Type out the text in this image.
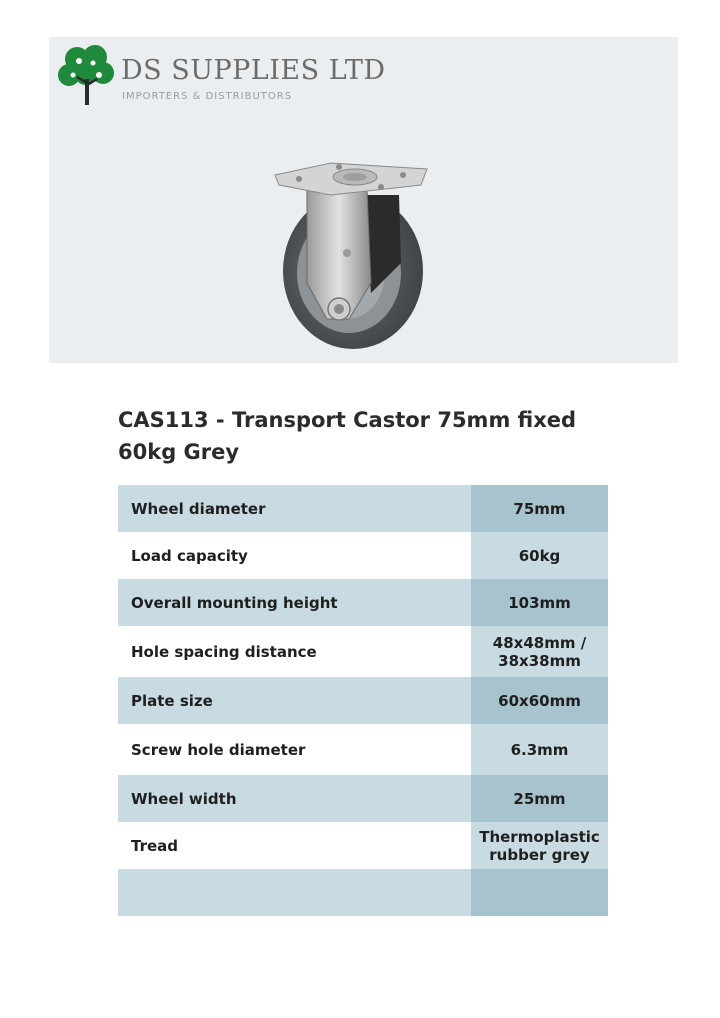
DS SUPPLIES LTD
IMPORTERS & DISTRIBUTORS
CAS113 - Transport Castor 75mm fixed 60kg Grey
Wheel diameter	75mm
Load capacity	60kg
Overall mounting height	103mm
Hole spacing distance	48x48mm / 38x38mm
Plate size	60x60mm
Screw hole diameter	6.3mm
Wheel width	25mm
Tread	Thermoplastic rubber grey
